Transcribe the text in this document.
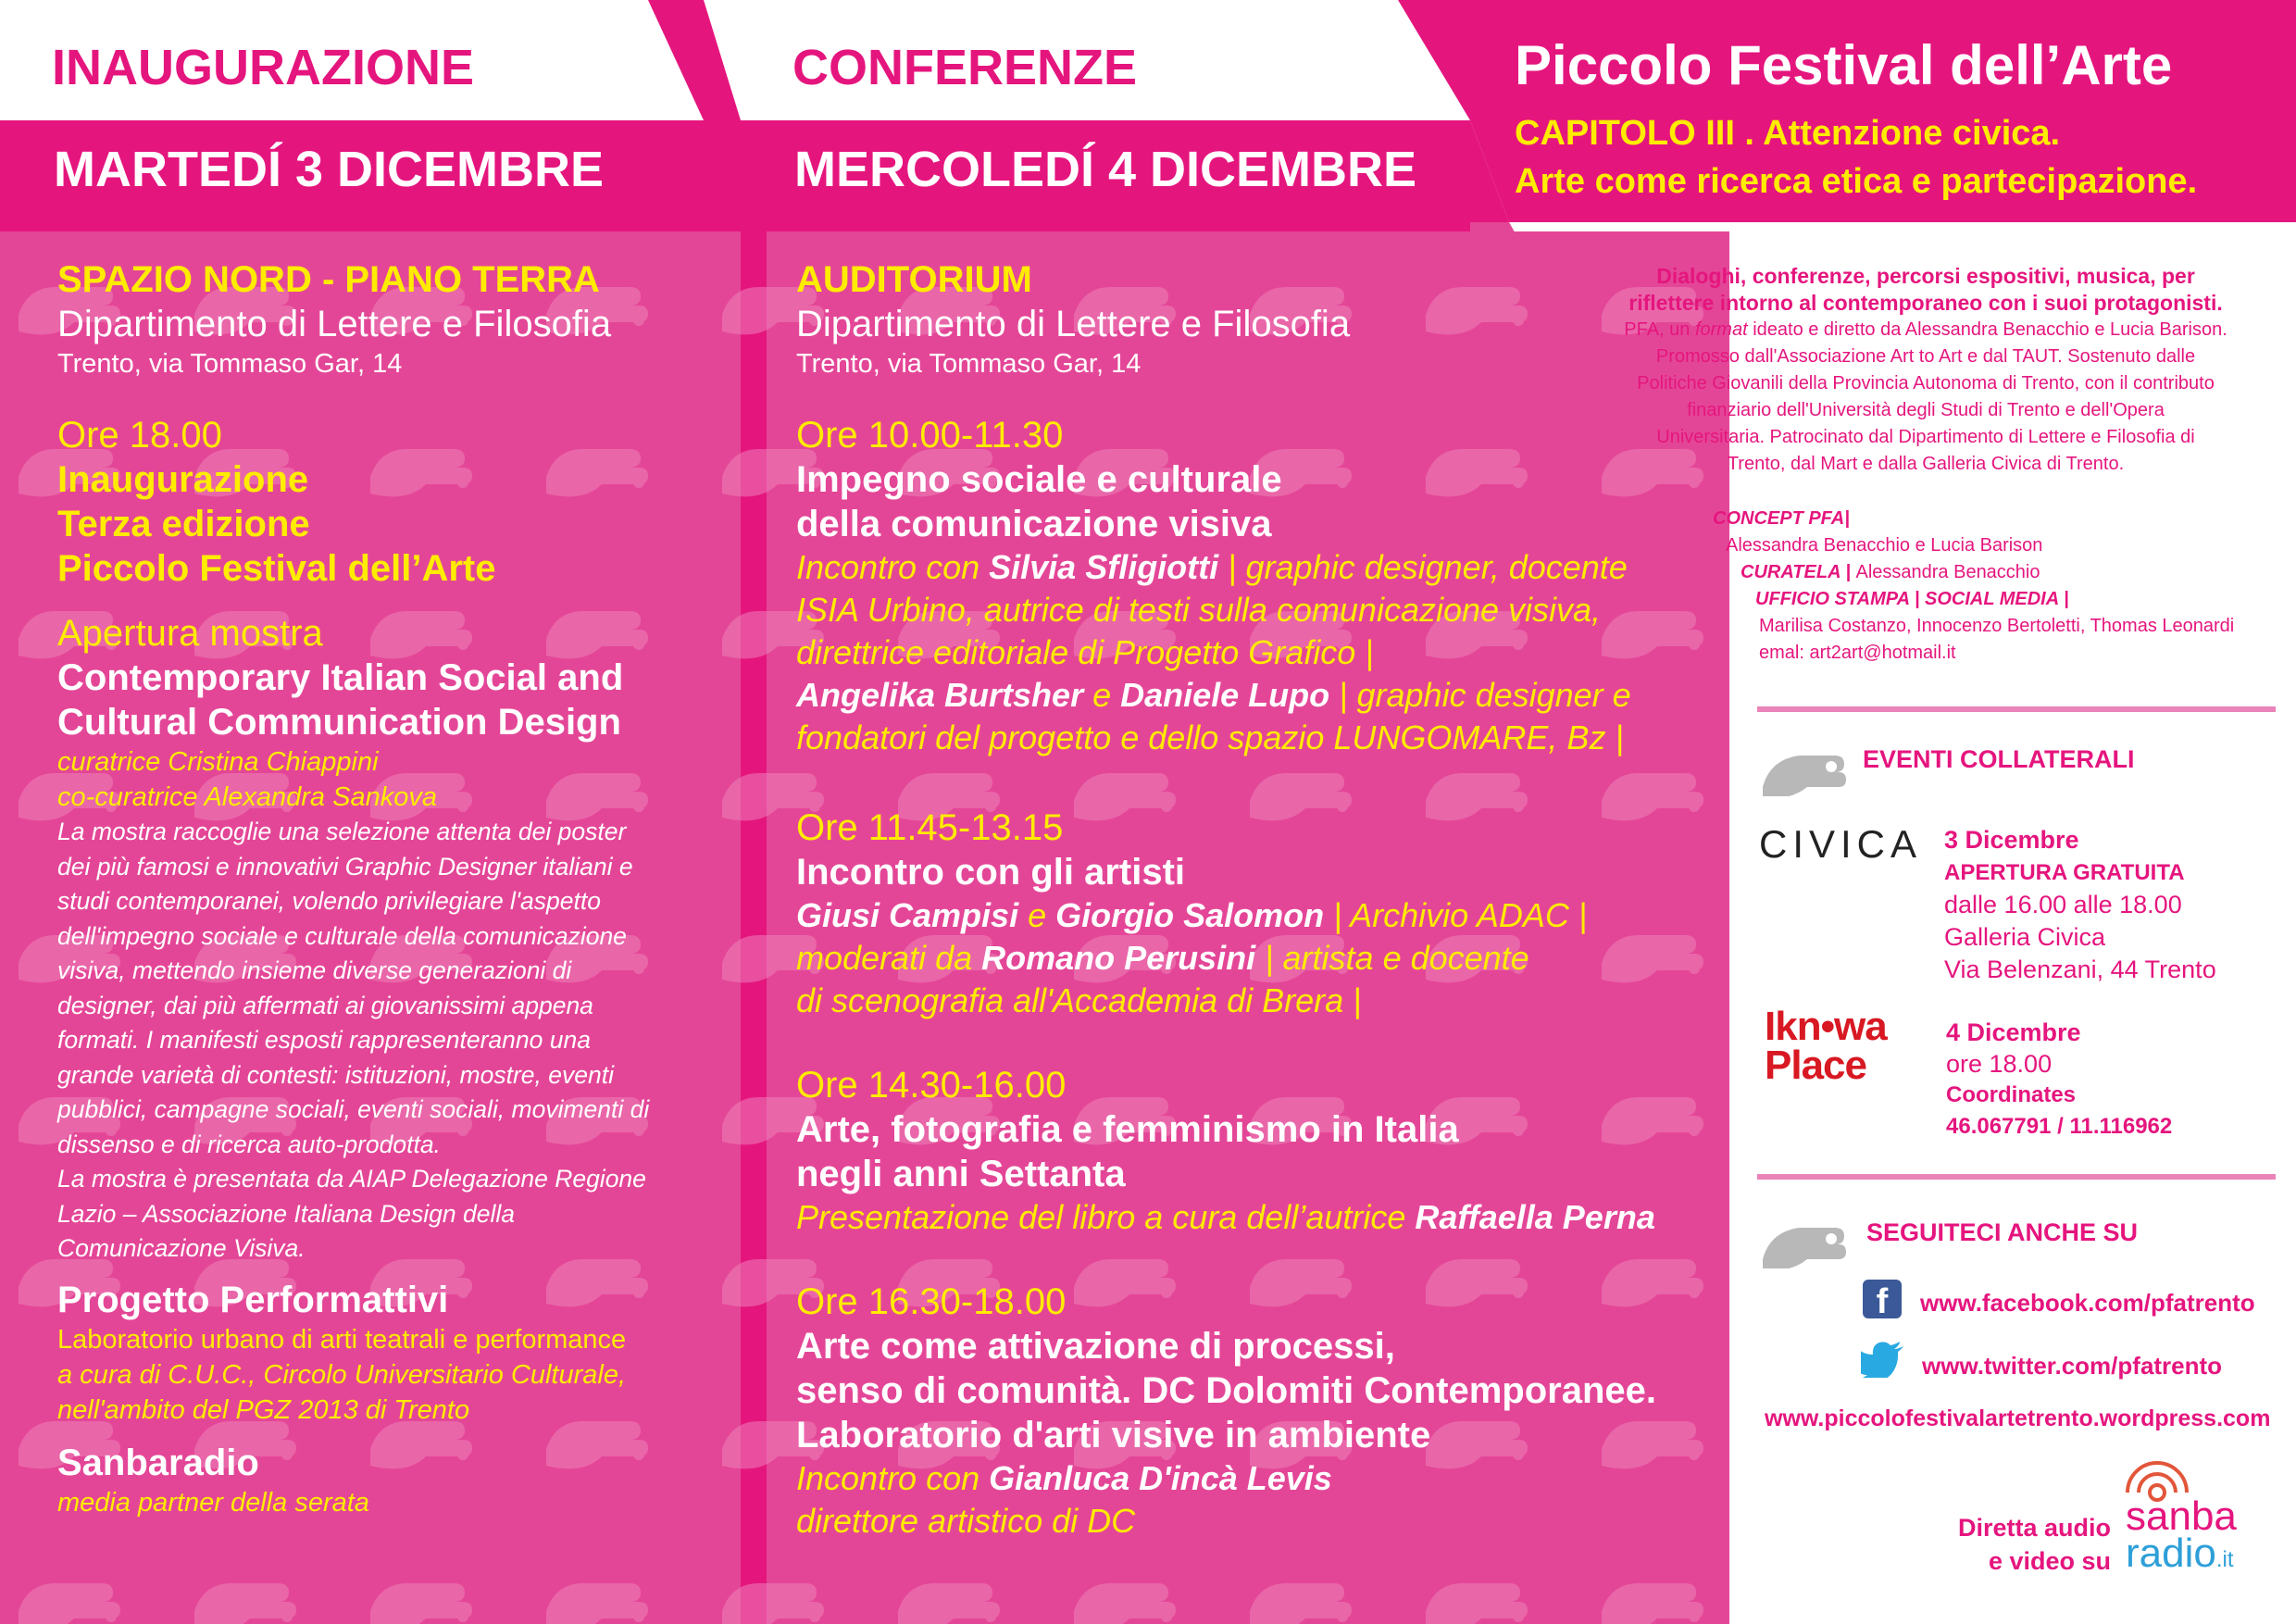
INAUGURAZIONE	CONFERENZE
MARTEDÍ 3 DICEMBRE	MERCOLEDÍ 4 DICEMBRE
Piccolo Festival dell’Arte
CAPITOLO III . Attenzione civica.
Arte come ricerca etica e partecipazione.
SPAZIO NORD - PIANO TERRA
Dipartimento di Lettere e Filosofia
Trento, via Tommaso Gar, 14
Ore 18.00
Inaugurazione
Terza edizione
Piccolo Festival dell’Arte
Apertura mostra
Contemporary Italian Social and
Cultural Communication Design
curatrice Cristina Chiappini
co-curatrice Alexandra Sankova
La mostra raccoglie una selezione attenta dei poster
dei più famosi e innovativi Graphic Designer italiani e
studi contemporanei, volendo privilegiare l'aspetto
dell'impegno sociale e culturale della comunicazione
visiva, mettendo insieme diverse generazioni di
designer, dai più affermati ai giovanissimi appena
formati. I manifesti esposti rappresenteranno una
grande varietà di contesti: istituzioni, mostre, eventi
pubblici, campagne sociali, eventi sociali, movimenti di
dissenso e di ricerca auto-prodotta.
La mostra è presentata da AIAP Delegazione Regione
Lazio – Associazione Italiana Design della
Comunicazione Visiva.
Progetto Performattivi
Laboratorio urbano di arti teatrali e performance
a cura di C.U.C., Circolo Universitario Culturale,
nell'ambito del PGZ 2013 di Trento
Sanbaradio
media partner della serata
AUDITORIUM
Dipartimento di Lettere e Filosofia
Trento, via Tommaso Gar, 14
Ore 10.00-11.30
Impegno sociale e culturale
della comunicazione visiva
Incontro con Silvia Sfligiotti | graphic designer, docente
ISIA Urbino, autrice di testi sulla comunicazione visiva,
direttrice editoriale di Progetto Grafico |
Angelika Burtsher e Daniele Lupo | graphic designer e
fondatori del progetto e dello spazio LUNGOMARE, Bz |
Ore 11.45-13.15
Incontro con gli artisti
Giusi Campisi e Giorgio Salomon | Archivio ADAC |
moderati da Romano Perusini | artista e docente
di scenografia all'Accademia di Brera |
Ore 14.30-16.00
Arte, fotografia e femminismo in Italia
negli anni Settanta
Presentazione del libro a cura dell’autrice Raffaella Perna
Ore 16.30-18.00
Arte come attivazione di processi,
senso di comunità. DC Dolomiti Contemporanee.
Laboratorio d'arti visive in ambiente
Incontro con Gianluca D'incà Levis
direttore artistico di DC
Dialoghi, conferenze, percorsi espositivi, musica, per
riflettere intorno al contemporaneo con i suoi protagonisti.
PFA, un format ideato e diretto da Alessandra Benacchio e Lucia Barison.
Promosso dall'Associazione Art to Art e dal TAUT. Sostenuto dalle
Politiche Giovanili della Provincia Autonoma di Trento, con il contributo
finanziario dell'Università degli Studi di Trento e dell'Opera
Universitaria. Patrocinato dal Dipartimento di Lettere e Filosofia di
Trento, dal Mart e dalla Galleria Civica di Trento.
CONCEPT PFA|
Alessandra Benacchio e Lucia Barison
CURATELA | Alessandra Benacchio
UFFICIO STAMPA | SOCIAL MEDIA |
Marilisa Costanzo, Innocenzo Bertoletti, Thomas Leonardi
emal: art2art@hotmail.it
EVENTI COLLATERALI
CIVICA 3 Dicembre
APERTURA GRATUITA
dalle 16.00 alle 18.00
Galleria Civica
Via Belenzani, 44 Trento
Ikn•wa
Place
4 Dicembre
ore 18.00
Coordinates
46.067791 / 11.116962
SEGUITECI ANCHE SU
f	www.facebook.com/pfatrento
www.twitter.com/pfatrento
www.piccolofestivalartetrento.wordpress.com
Diretta audio
e video su
sanba
radio.it
